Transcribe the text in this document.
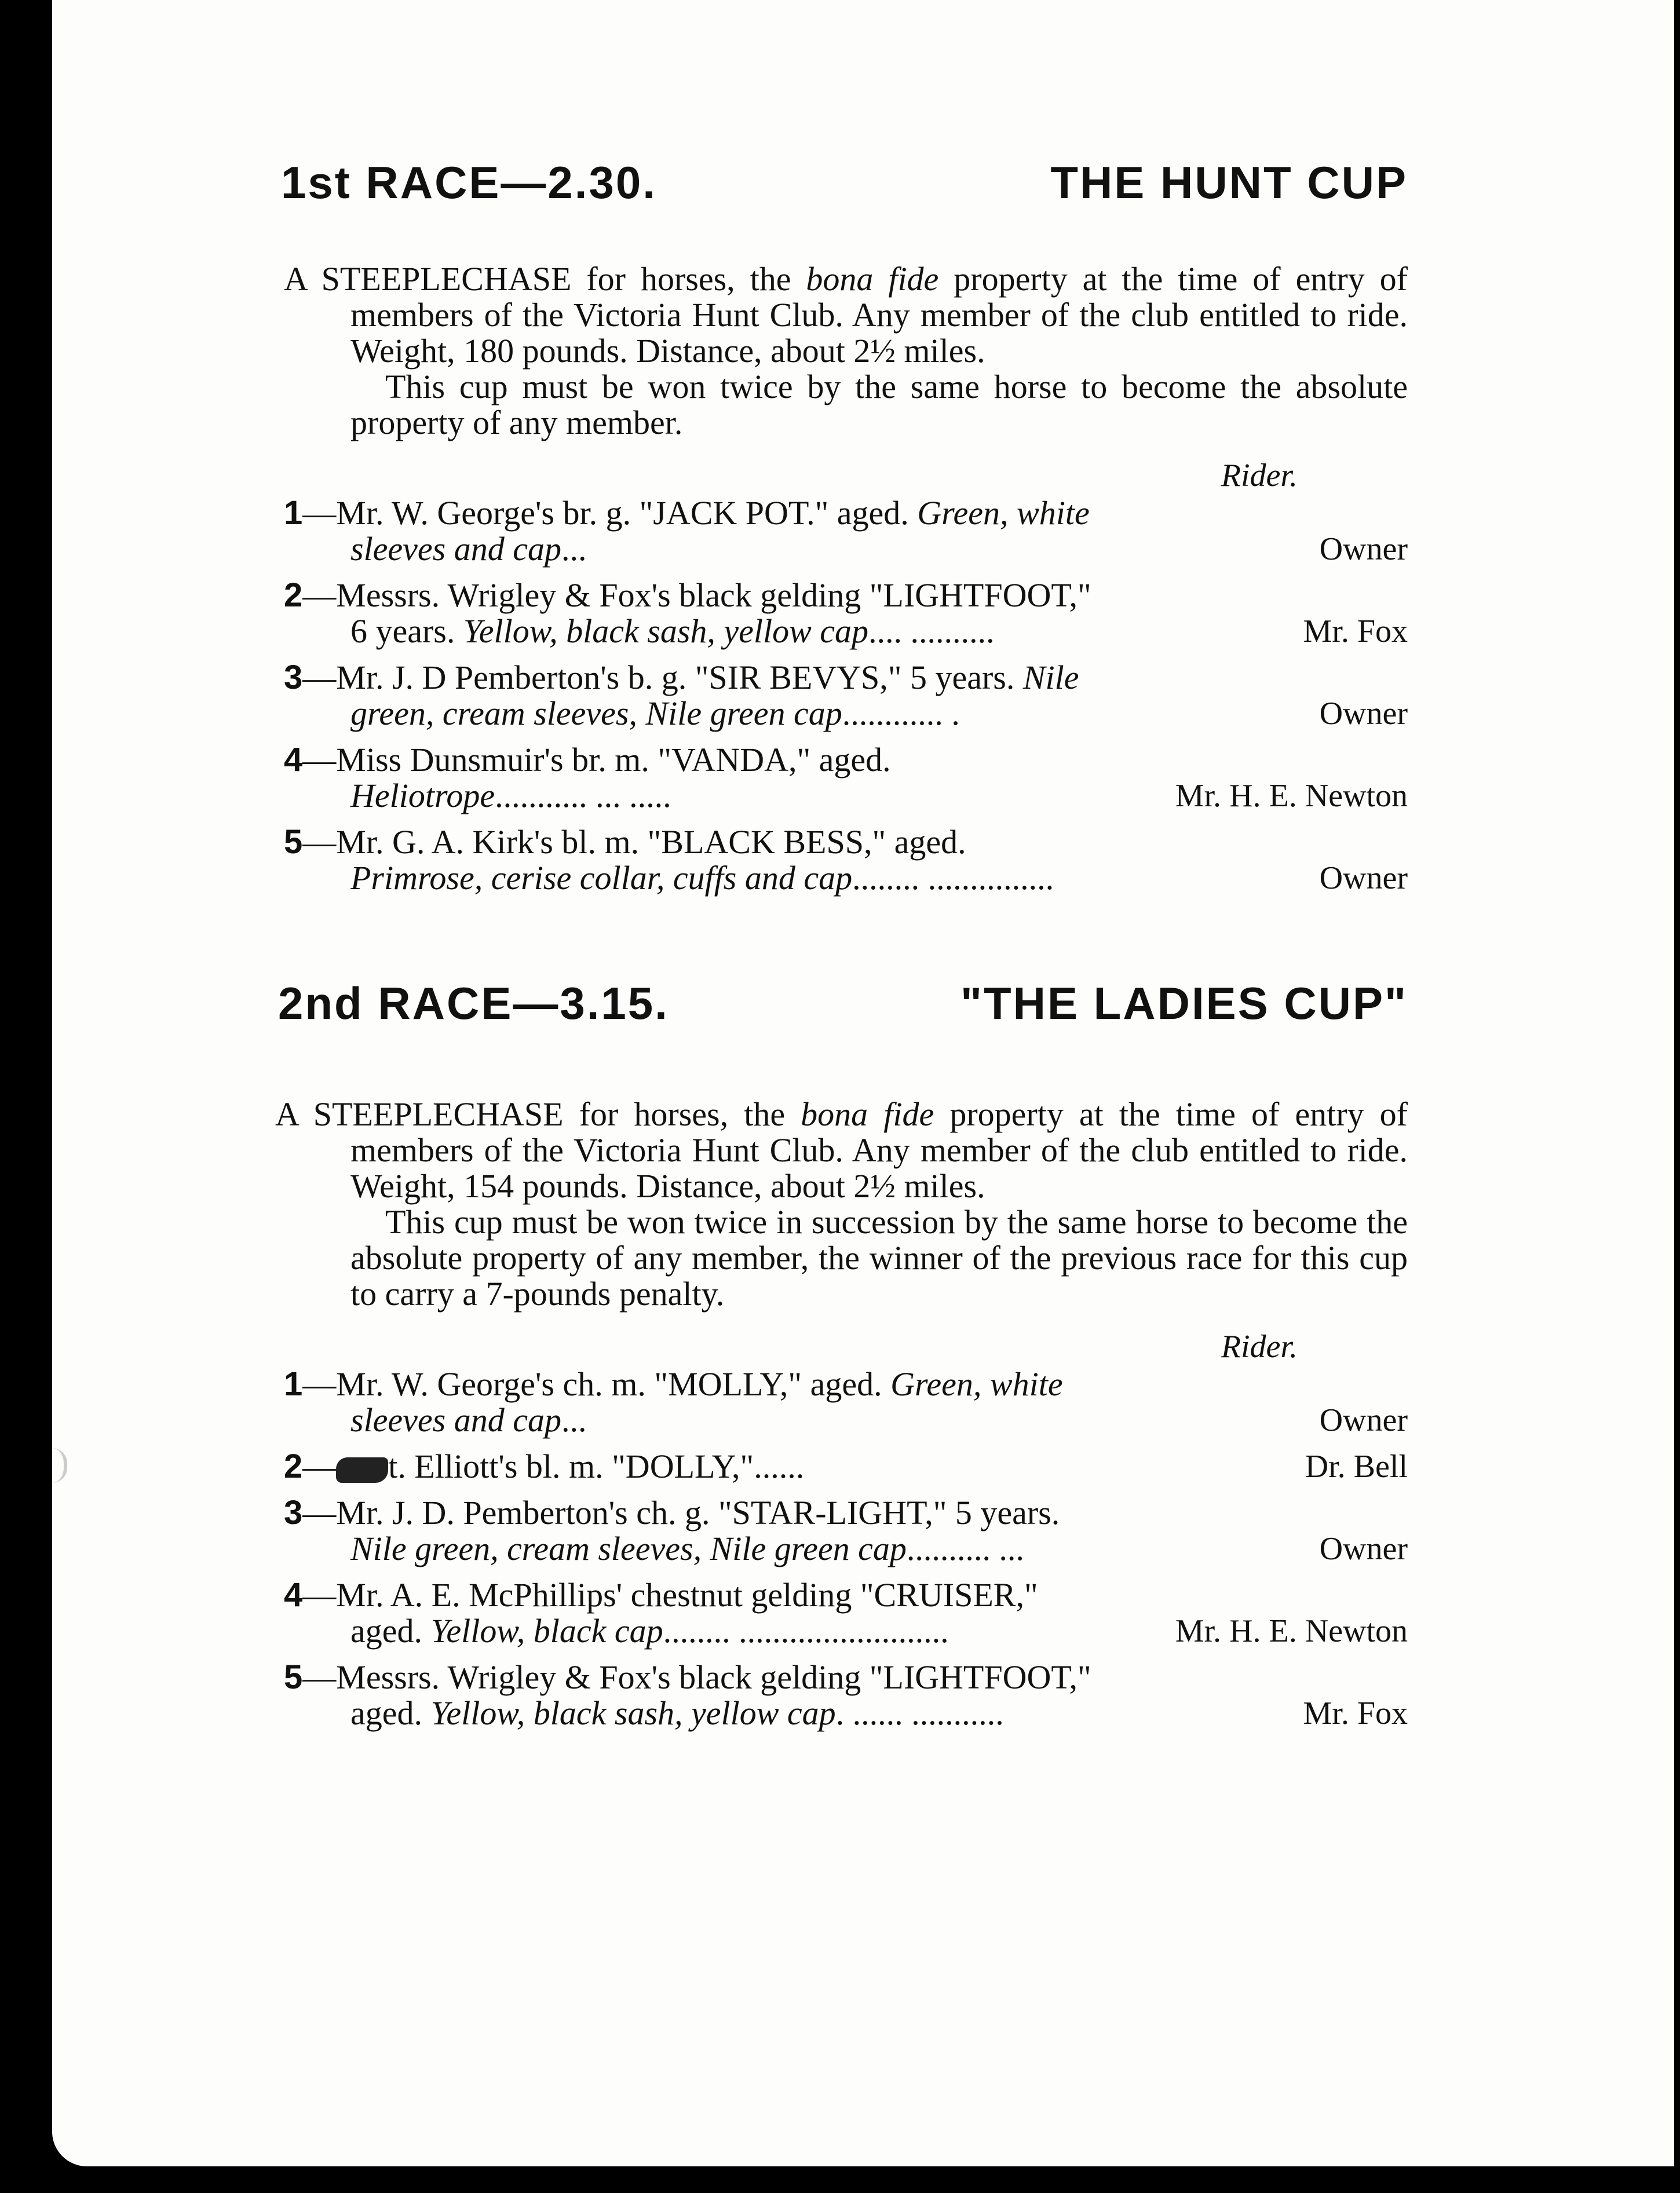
1st RACE—2.30.	THE HUNT CUP

A STEEPLECHASE for horses, the bona fide property at the time of entry of members of the Victoria Hunt Club. Any member of the club entitled to ride. Weight, 180 pounds. Distance, about 2½ miles.

This cup must be won twice by the same horse to become the absolute property of any member.

Rider.
1—Mr. W. George's br. g. "JACK POT." aged. Green, white sleeves and cap...	Owner
2—Messrs. Wrigley & Fox's black gelding "LIGHTFOOT," 6 years. Yellow, black sash, yellow cap.... ..........	Mr. Fox
3—Mr. J. D Pemberton's b. g. "SIR BEVYS," 5 years. Nile green, cream sleeves, Nile green cap............ .	Owner
4—Miss Dunsmuir's br. m. "VANDA," aged. Heliotrope........... ... .....	Mr. H. E. Newton
5—Mr. G. A. Kirk's bl. m. "BLACK BESS," aged. Primrose, cerise collar, cuffs and cap........ ...............	Owner
2nd RACE—3.15.	"THE LADIES CUP"

A STEEPLECHASE for horses, the bona fide property at the time of entry of members of the Victoria Hunt Club. Any member of the club entitled to ride. Weight, 154 pounds. Distance, about 2½ miles.

This cup must be won twice in succession by the same horse to become the absolute property of any member, the winner of the previous race for this cup to carry a 7-pounds penalty.

Rider.
1—Mr. W. George's ch. m. "MOLLY," aged. Green, white sleeves and cap...	Owner
2— t. Elliott's bl. m. "DOLLY,"......	Dr. Bell
3—Mr. J. D. Pemberton's ch. g. "STAR-LIGHT," 5 years. Nile green, cream sleeves, Nile green cap.......... ...	Owner
4—Mr. A. E. McPhillips' chestnut gelding "CRUISER," aged. Yellow, black cap........ .........................	Mr. H. E. Newton
5—Messrs. Wrigley & Fox's black gelding "LIGHTFOOT," aged. Yellow, black sash, yellow cap. ...... ...........	Mr. Fox
